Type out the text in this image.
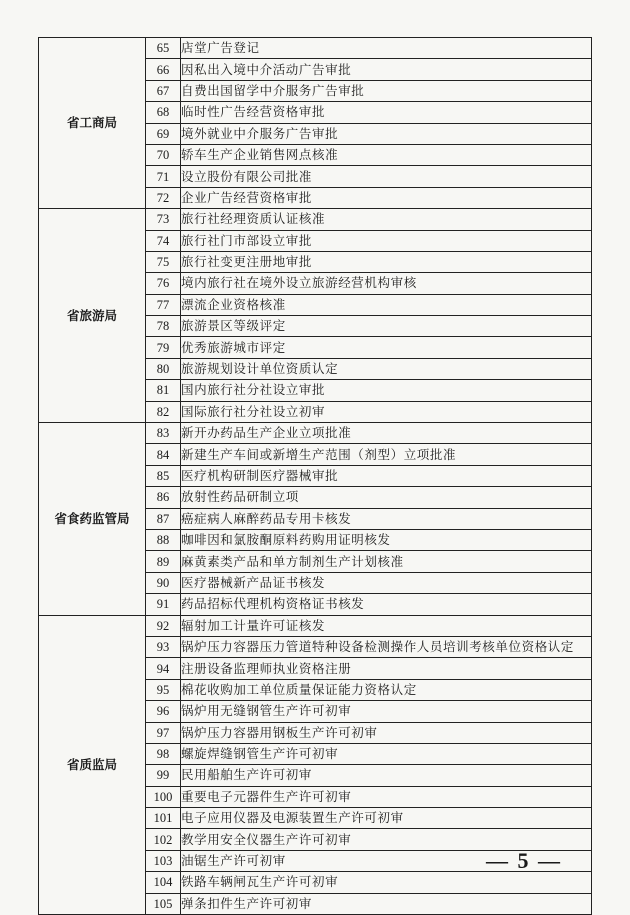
省工商局	65	店堂广告登记
	66	因私出入境中介活动广告审批
	67	自费出国留学中介服务广告审批
	68	临时性广告经营资格审批
	69	境外就业中介服务广告审批
	70	轿车生产企业销售网点核准
	71	设立股份有限公司批准
	72	企业广告经营资格审批
省旅游局	73	旅行社经理资质认证核准
	74	旅行社门市部设立审批
	75	旅行社变更注册地审批
	76	境内旅行社在境外设立旅游经营机构审核
	77	漂流企业资格核准
	78	旅游景区等级评定
	79	优秀旅游城市评定
	80	旅游规划设计单位资质认定
	81	国内旅行社分社设立审批
	82	国际旅行社分社设立初审
省食药监管局	83	新开办药品生产企业立项批准
	84	新建生产车间或新增生产范围（剂型）立项批准
	85	医疗机构研制医疗器械审批
	86	放射性药品研制立项
	87	癌症病人麻醉药品专用卡核发
	88	咖啡因和氯胺酮原料药购用证明核发
	89	麻黄素类产品和单方制剂生产计划核准
	90	医疗器械新产品证书核发
	91	药品招标代理机构资格证书核发
省质监局	92	辐射加工计量许可证核发
	93	锅炉压力容器压力管道特种设备检测操作人员培训考核单位资格认定
	94	注册设备监理师执业资格注册
	95	棉花收购加工单位质量保证能力资格认定
	96	锅炉用无缝钢管生产许可初审
	97	锅炉压力容器用钢板生产许可初审
	98	螺旋焊缝钢管生产许可初审
	99	民用船舶生产许可初审
	100	重要电子元器件生产许可初审
	101	电子应用仪器及电源装置生产许可初审
	102	教学用安全仪器生产许可初审
	103	油锯生产许可初审
	104	铁路车辆闸瓦生产许可初审
	105	弹条扣件生产许可初审
— 5 —
